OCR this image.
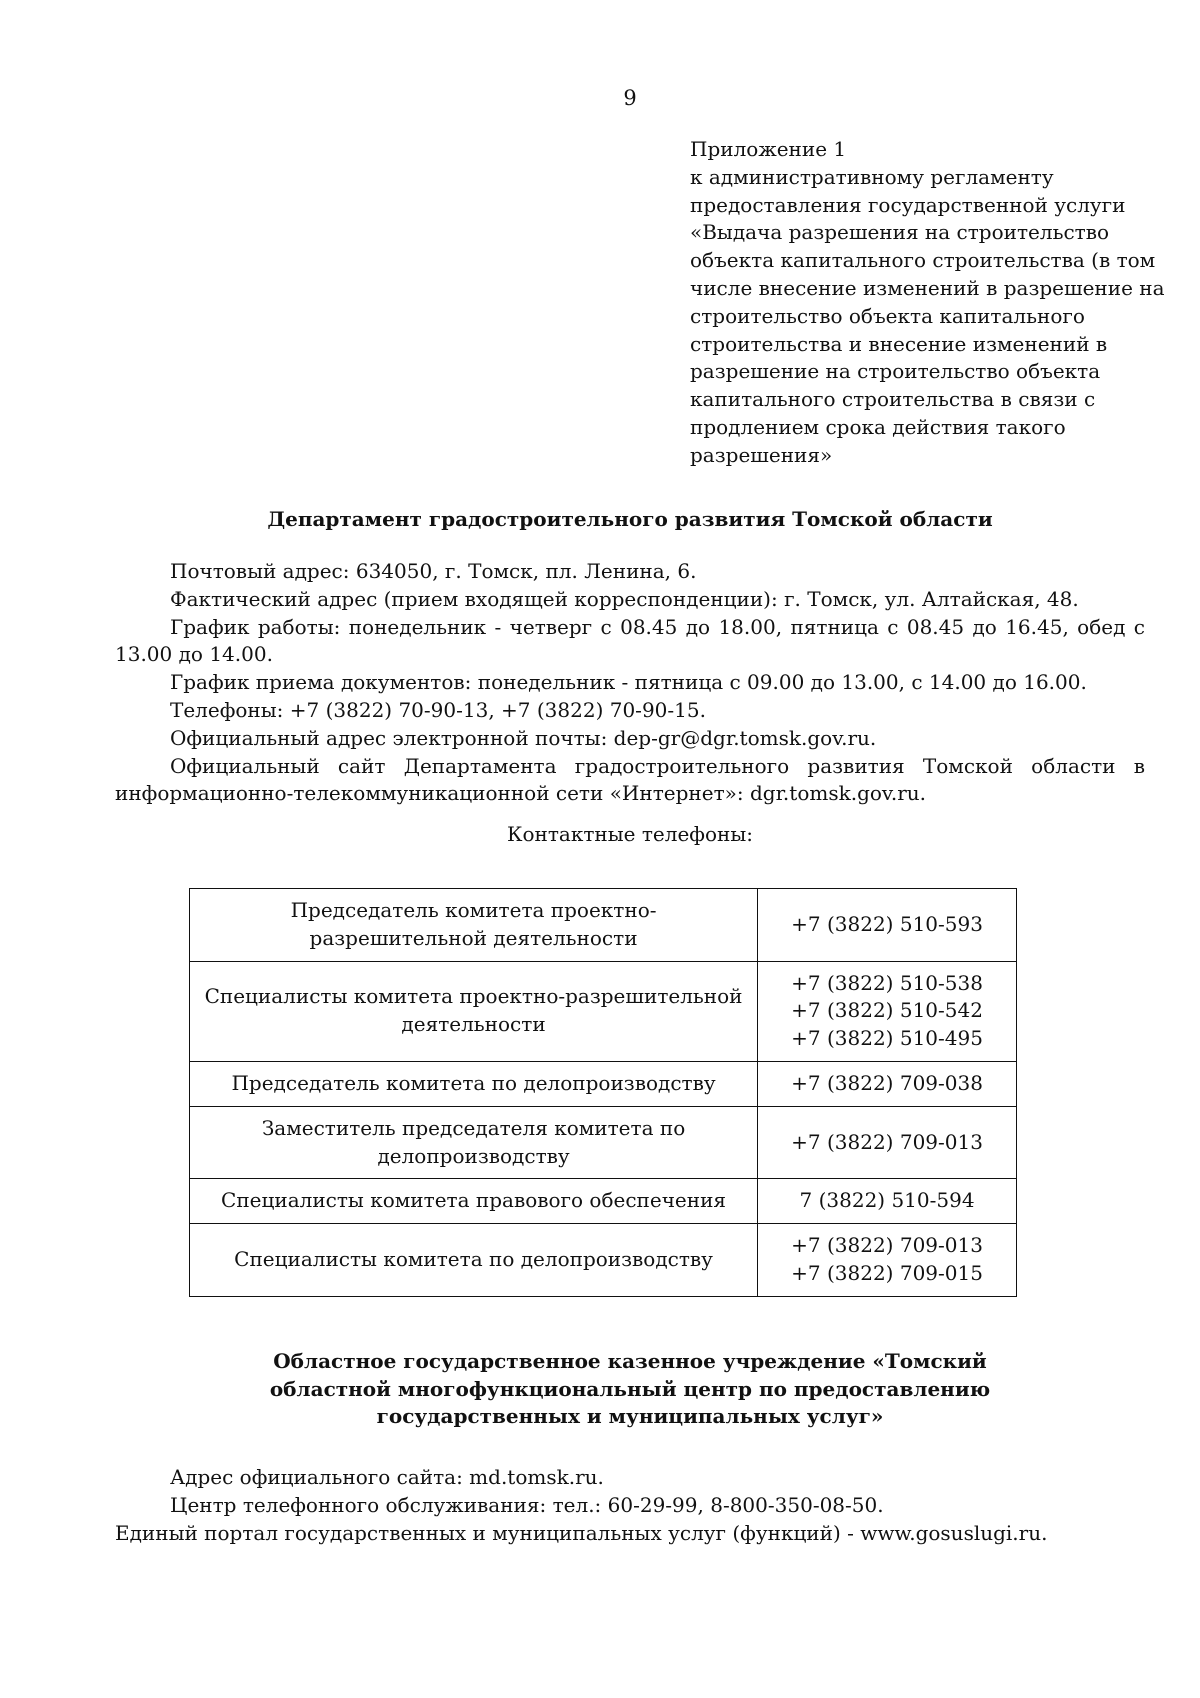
9
Приложение 1
к административному регламенту
предоставления государственной услуги
«Выдача разрешения на строительство
объекта капитального строительства (в том
числе внесение изменений в разрешение на
строительство объекта капитального
строительства и внесение изменений в
разрешение на строительство объекта
капитального строительства в связи с
продлением срока действия такого
разрешения»
Департамент градостроительного развития Томской области

Почтовый адрес: 634050, г. Томск, пл. Ленина, 6.

Фактический адрес (прием входящей корреспонденции): г. Томск, ул. Алтайская, 48.

График работы: понедельник - четверг с 08.45 до 18.00, пятница с 08.45 до 16.45, обед с 13.00 до 14.00.

График приема документов: понедельник - пятница с 09.00 до 13.00, с 14.00 до 16.00.

Телефоны: +7 (3822) 70-90-13, +7 (3822) 70-90-15.

Официальный адрес электронной почты: dep-gr@dgr.tomsk.gov.ru.

Официальный сайт Департамента градостроительного развития Томской области в информационно-телекоммуникационной сети «Интернет»: dgr.tomsk.gov.ru.

Контактные телефоны:
Председатель комитета проектно-разрешительной деятельности	+7 (3822) 510-593

Специалисты комитета проектно-разрешительной деятельности	+7 (3822) 510-538
+7 (3822) 510-542
+7 (3822) 510-495

Председатель комитета по делопроизводству	+7 (3822) 709-038

Заместитель председателя комитета по делопроизводству	+7 (3822) 709-013

Специалисты комитета правового обеспечения	7 (3822) 510-594

Специалисты комитета по делопроизводству	+7 (3822) 709-013
+7 (3822) 709-015
Областное государственное казенное учреждение «Томский
областной многофункциональный центр по предоставлению
государственных и муниципальных услуг»

Адрес официального сайта: md.tomsk.ru.

Центр телефонного обслуживания: тел.: 60-29-99, 8-800-350-08-50.

Единый портал государственных и муниципальных услуг (функций) - www.gosuslugi.ru.
